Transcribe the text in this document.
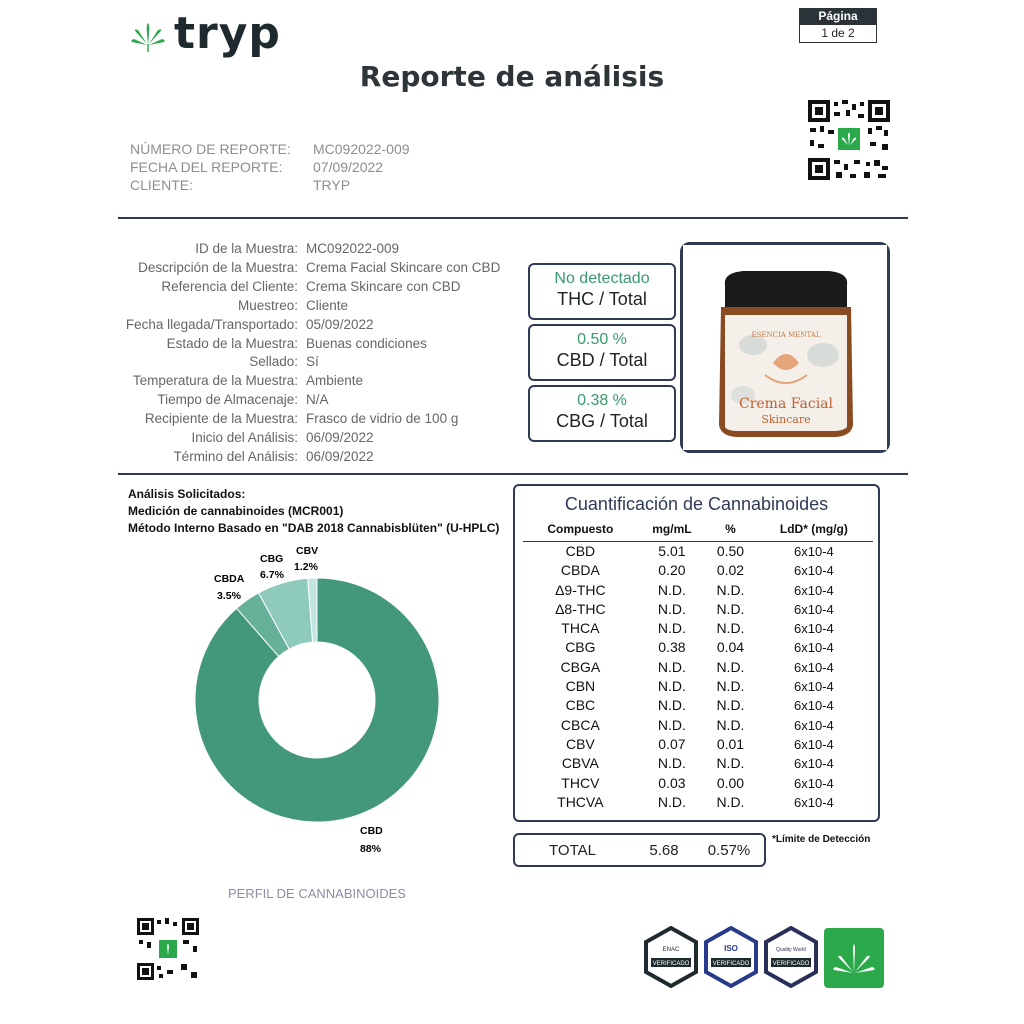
tryp	Página
1 de 2
Reporte de análisis
NÚMERO DE REPORTE:	MC092022-009
FECHA DEL REPORTE:	07/09/2022
CLIENTE:	TRYP
ID de la Muestra: MC092022-009
Descripción de la Muestra: Crema Facial Skincare con CBD
Referencia del Cliente: Crema Skincare con CBD
Muestreo: Cliente
Fecha llegada/Transportado: 05/09/2022
Estado de la Muestra: Buenas condiciones
Sellado: Sí
Temperatura de la Muestra: Ambiente
Tiempo de Almacenaje: N/A
Recipiente de la Muestra: Frasco de vidrio de 100 g
Inicio del Análisis: 06/09/2022
Término del Análisis: 06/09/2022
No detectado
THC / Total
0.50 %
CBD / Total
0.38 %
CBG / Total
ESENCIA MENTAL
Crema Facial
Skincare
Análisis Solicitados:
Medición de cannabinoides (MCR001)
Método Interno Basado en "DAB 2018 Cannabisblüten" (U-HPLC)
CBD
88%
CBDA
3.5%
CBG
6.7%
CBV
1.2%
PERFIL DE CANNABINOIDES
Cuantificación de Cannabinoides
Compuesto	mg/mL	%	LdD* (mg/g)
CBD	5.01	0.50	6x10-4
CBDA	0.20	0.02	6x10-4
Δ9-THC	N.D.	N.D.	6x10-4
Δ8-THC	N.D.	N.D.	6x10-4
THCA	N.D.	N.D.	6x10-4
CBG	0.38	0.04	6x10-4
CBGA	N.D.	N.D.	6x10-4
CBN	N.D.	N.D.	6x10-4
CBC	N.D.	N.D.	6x10-4
CBCA	N.D.	N.D.	6x10-4
CBV	0.07	0.01	6x10-4
CBVA	N.D.	N.D.	6x10-4
THCV	0.03	0.00	6x10-4
THCVA	N.D.	N.D.	6x10-4
TOTAL	5.68	0.57%
*Límite de Detección
VERIFICADO
ENAC
VERIFICADO
ISO
VERIFICADO
Quality World
